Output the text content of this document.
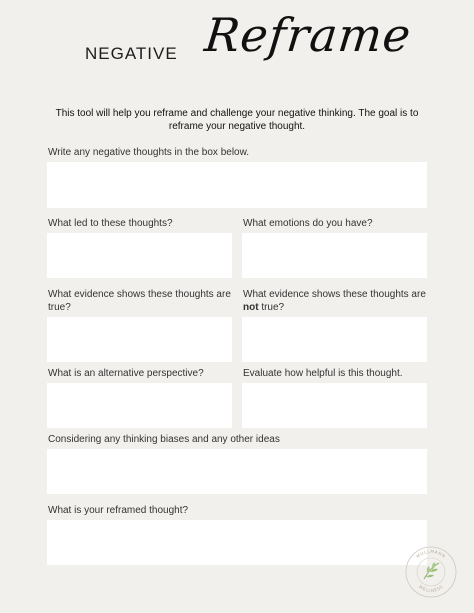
NEGATIVE Reframe
This tool will help you reframe and challenge your negative thinking. The goal is to reframe your negative thought.
Write any negative thoughts in the box below.
What led to these thoughts?	What emotions do you have?
What evidence shows these thoughts are true?
What evidence shows these thoughts are not true?
What is an alternative perspective?	Evaluate how helpful is this thought.
Considering any thinking biases and any other ideas
What is your reframed thought?
MULLMANN
WELLNESS
